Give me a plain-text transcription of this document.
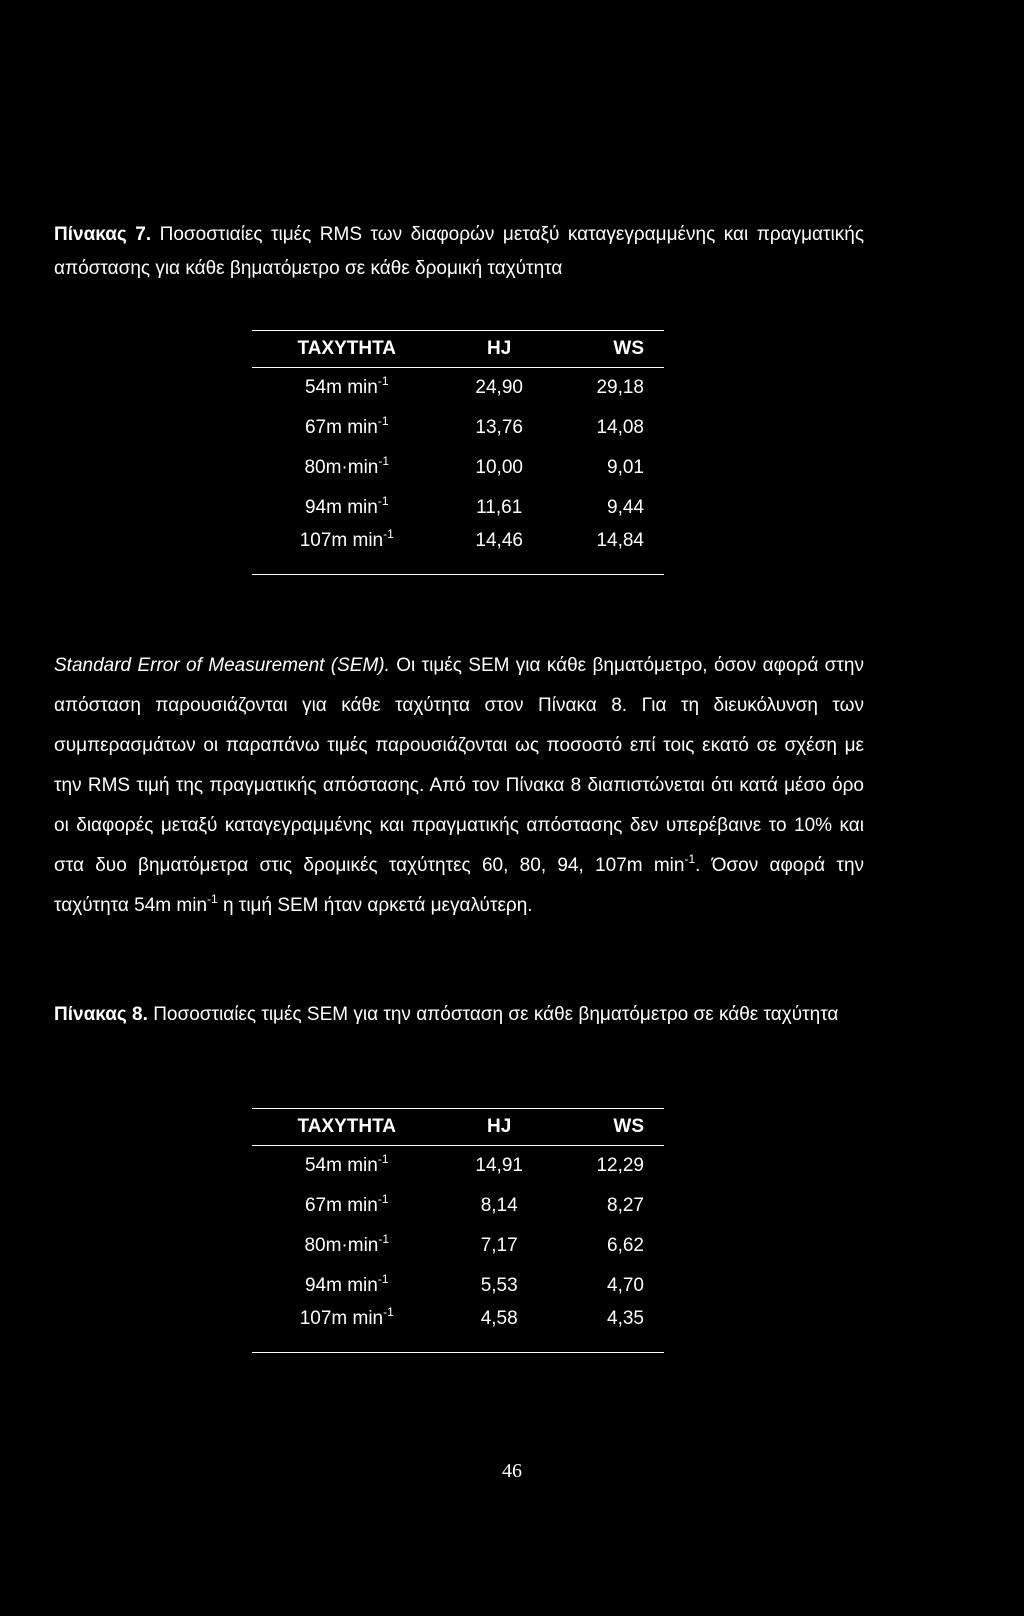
Πίνακας 7. Ποσοστιαίες τιμές RMS των διαφορών μεταξύ καταγεγραμμένης και πραγματικής απόστασης για κάθε βηματόμετρο σε κάθε δρομική ταχύτητα
ΤΑΧΥΤΗΤΑ	HJ	WS
54m $\min^{-1}$	24,90	29,18
67m $\min^{-1}$	13,76	14,08
$80m\cdot\min^{-1}$	10,00	9,01
94m $\min^{-1}$	11,61	9,44
107m $\min^{-1}$	14,46	14,84
Standard Error of Measurement (SEM). Οι τιμές SEM για κάθε βηματόμετρο, όσον αφορά στην απόσταση παρουσιάζονται για κάθε ταχύτητα στον Πίνακα 8. Για τη διευκόλυνση των συμπερασμάτων οι παραπάνω τιμές παρουσιάζονται ως ποσοστό επί τοις εκατό σε σχέση με την RMS τιμή της πραγματικής απόστασης. Από τον Πίνακα 8 διαπιστώνεται ότι κατά μέσο όρο οι διαφορές μεταξύ καταγεγραμμένης και πραγματικής απόστασης δεν υπερέβαινε το 10% και στα δυο βηματόμετρα στις δρομικές ταχύτητες 60, 80, 94, 107m $\min^{-1}$. Όσον αφορά την ταχύτητα 54m $\min^{-1} \eta$ τιμή SEM ήταν αρκετά μεγαλύτερη.
Πίνακας 8. Ποσοστιαίες τιμές SEM για την απόσταση σε κάθε βηματόμετρο σε κάθε ταχύτητα
ΤΑΧΥΤΗΤΑ	HJ	WS
54m $\min^{-1}$	14,91	12,29
67m $\min^{-1}$	8,14	8,27
$80m\cdot\min^{-1}$	7,17	6,62
94m $\min^{-1}$	5,53	4,70
107m $\min^{-1}$	4,58	4,35
46
